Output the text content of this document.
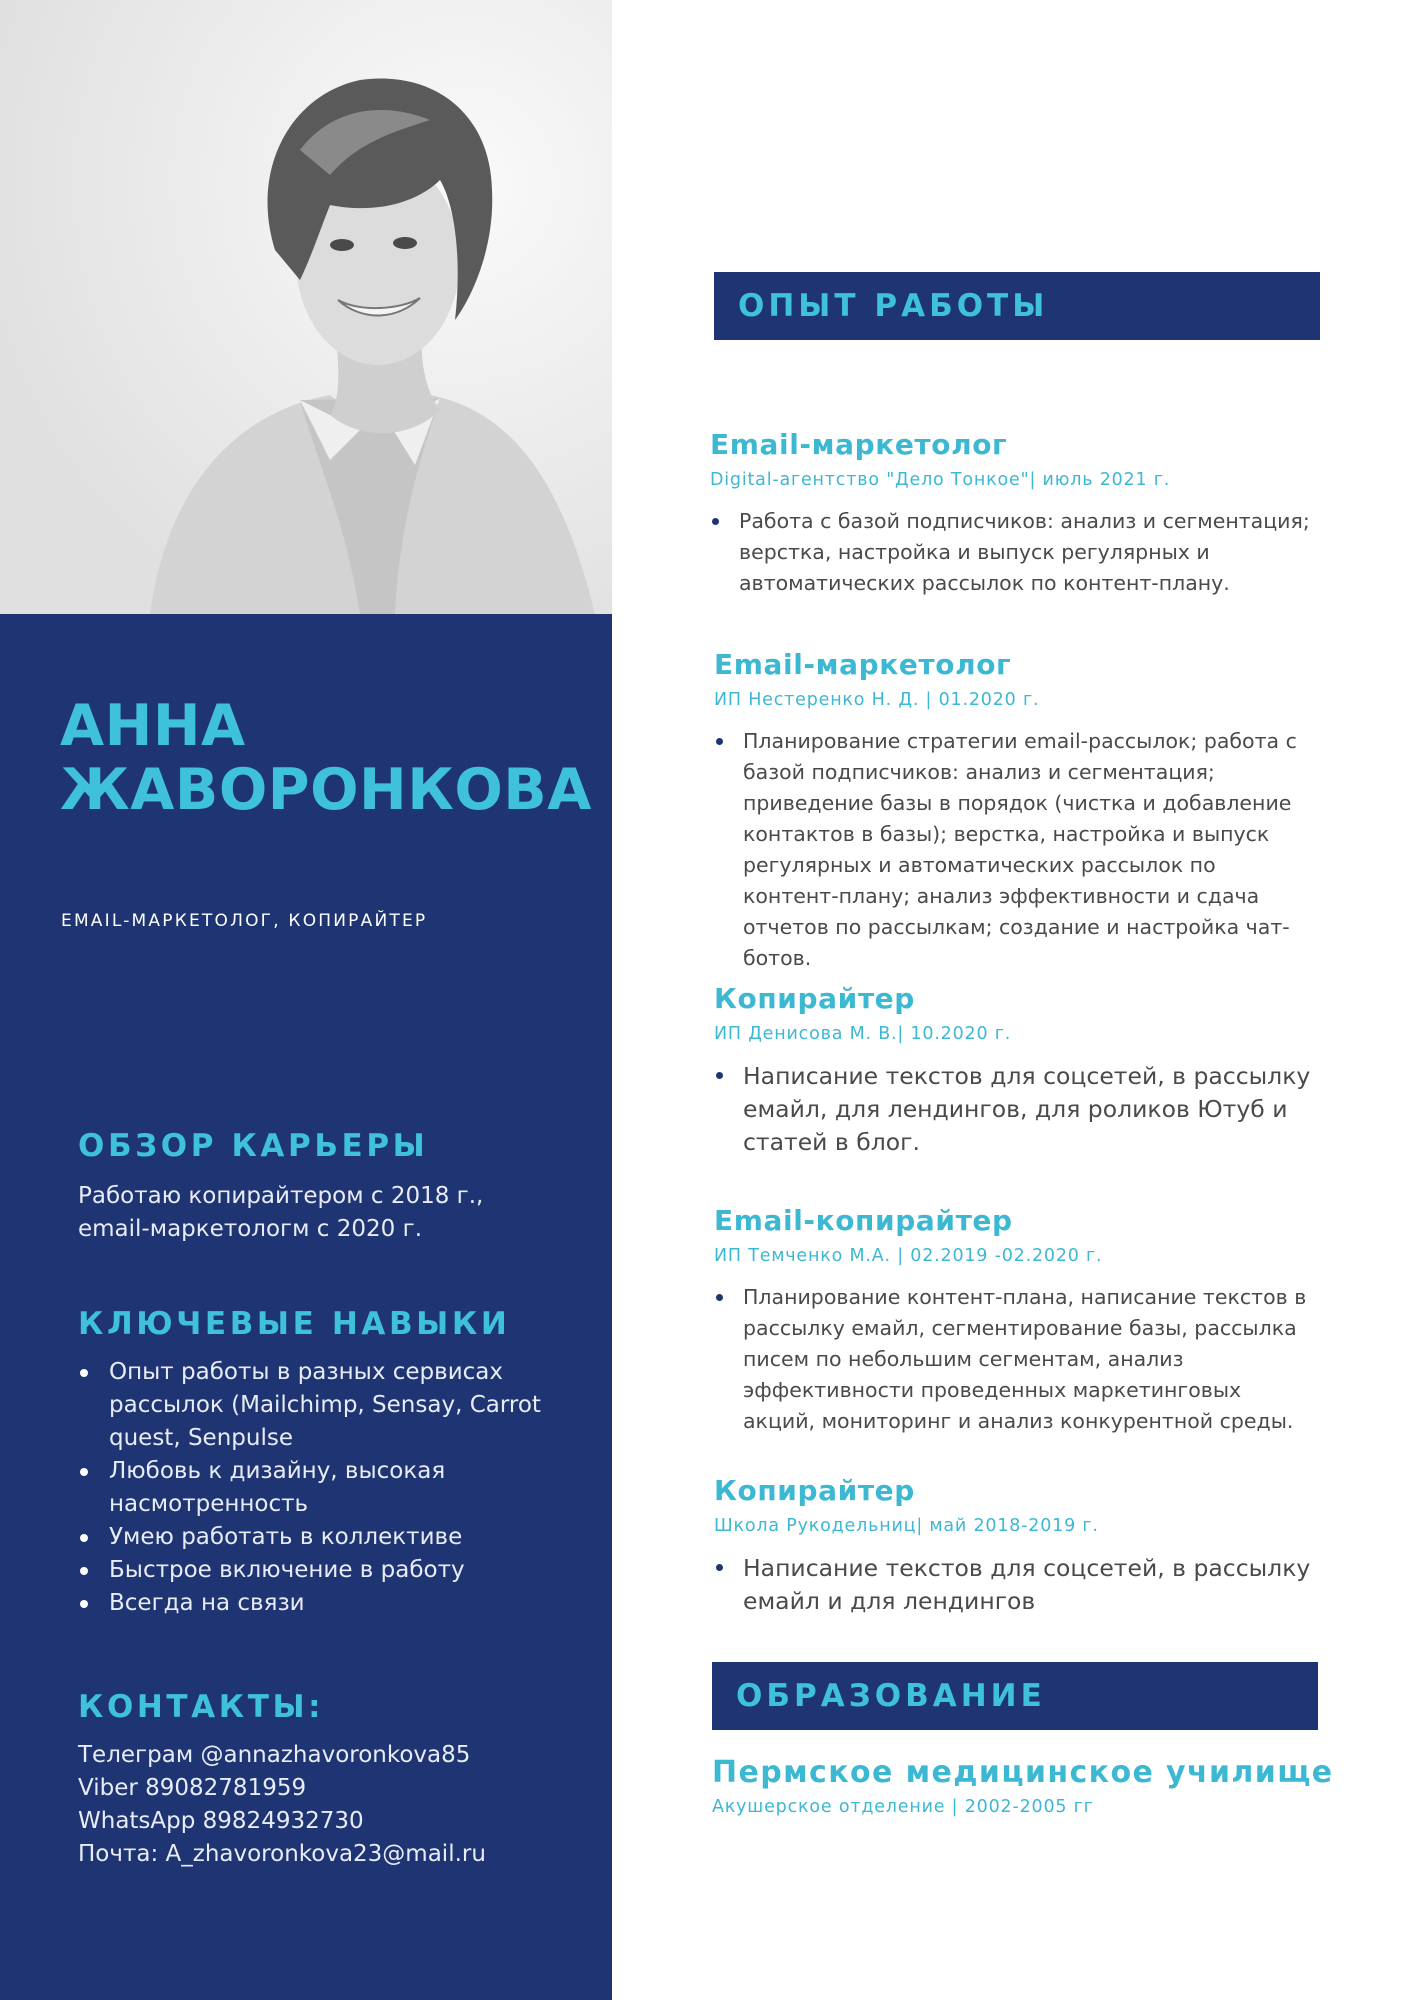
АННА
ЖАВОРОНКОВА
EMAIL-МАРКЕТОЛОГ, КОПИРАЙТЕР
ОБЗОР КАРЬЕРЫ
Работаю копирайтером с 2018 г.,
email-маркетологм с 2020 г.
КЛЮЧЕВЫЕ НАВЫКИ
Опыт работы в разных сервисах рассылок (Mailchimp, Sensay, Carrot quest, Senpulse
Любовь к дизайну, высокая насмотренность
Умею работать в коллективе
Быстрое включение в работу
Всегда на связи
КОНТАКТЫ:
Телеграм @annazhavoronkova85
Viber 89082781959
WhatsApp 89824932730
Почта: A_zhavoronkova23@mail.ru
ОПЫТ РАБОТЫ
Email-маркетолог
Digital-агентство "Дело Тонкое"| июль 2021 г.
Работа с базой подписчиков: анализ и сегментация; верстка, настройка и выпуск регулярных и автоматических рассылок по контент-плану.
Email-маркетолог
ИП Нестеренко Н. Д. | 01.2020 г.
Планирование стратегии email-рассылок; работа с базой подписчиков: анализ и сегментация; приведение базы в порядок (чистка и добавление контактов в базы); верстка, настройка и выпуск регулярных и автоматических рассылок по контент-плану; анализ эффективности и сдача отчетов по рассылкам; создание и настройка чат-ботов.
Копирайтер
ИП Денисова М. В.| 10.2020 г.
Написание текстов для соцсетей, в рассылку емайл, для лендингов, для роликов Ютуб и статей в блог.
Email-копирайтер
ИП Темченко М.А. | 02.2019 -02.2020 г.
Планирование контент-плана, написание текстов в рассылку емайл, сегментирование базы, рассылка писем по небольшим сегментам, анализ эффективности проведенных маркетинговых акций, мониторинг и анализ конкурентной среды.
Копирайтер
Школа Рукодельниц| май 2018-2019 г.
Написание текстов для соцсетей, в рассылку емайл и для лендингов
ОБРАЗОВАНИЕ
Пермское медицинское училище
Акушерское отделение | 2002-2005 гг
